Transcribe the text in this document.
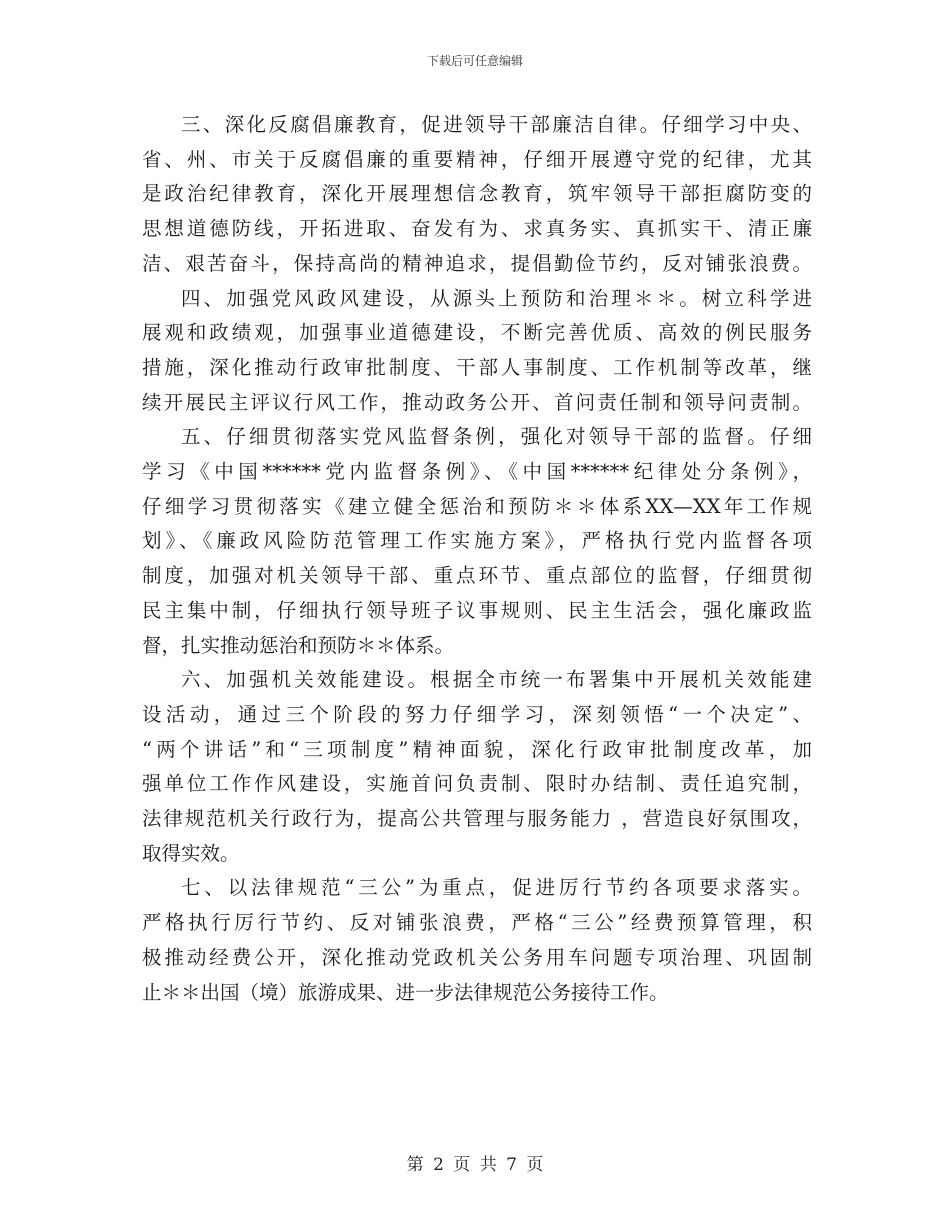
下载后可任意编辑

三、深化反腐倡廉教育，促进领导干部廉洁自律。仔细学习中央、
省、州、市关于反腐倡廉的重要精神，仔细开展遵守党的纪律，尤其
是政治纪律教育，深化开展理想信念教育，筑牢领导干部拒腐防变的
思想道德防线，开拓进取、奋发有为、求真务实、真抓实干、清正廉
洁、艰苦奋斗，保持高尚的精神追求，提倡勤俭节约，反对铺张浪费。

四、加强党风政风建设，从源头上预防和治理＊＊。树立科学进
展观和政绩观，加强事业道德建设，不断完善优质、高效的例民服务
措施，深化推动行政审批制度、干部人事制度、工作机制等改革，继
续开展民主评议行风工作，推动政务公开、首问责任制和领导问责制。

五、仔细贯彻落实党风监督条例，强化对领导干部的监督。仔细
学习《中国******党内监督条例》、《中国******纪律处分条例》，
仔细学习贯彻落实《建立健全惩治和预防＊＊体系XX—XX年工作规
划》、《廉政风险防范管理工作实施方案》，严格执行党内监督各项
制度，加强对机关领导干部、重点环节、重点部位的监督，仔细贯彻
民主集中制，仔细执行领导班子议事规则、民主生活会，强化廉政监
督，扎实推动惩治和预防＊＊体系。

六、加强机关效能建设。根据全市统一布署集中开展机关效能建
设活动，通过三个阶段的努力仔细学习，深刻领悟“一个决定”、
“两个讲话”和“三项制度”精神面貌，深化行政审批制度改革，加
强单位工作作风建设，实施首问负责制、限时办结制、责任追究制，
法律规范机关行政行为，提高公共管理与服务能力 ，营造良好氛围攻，
取得实效。

七、以法律规范“三公”为重点，促进厉行节约各项要求落实。
严格执行厉行节约、反对铺张浪费，严格“三公”经费预算管理，积
极推动经费公开，深化推动党政机关公务用车问题专项治理、巩固制
止＊＊出国（境）旅游成果、进一步法律规范公务接待工作。

第 2 页 共 7 页
